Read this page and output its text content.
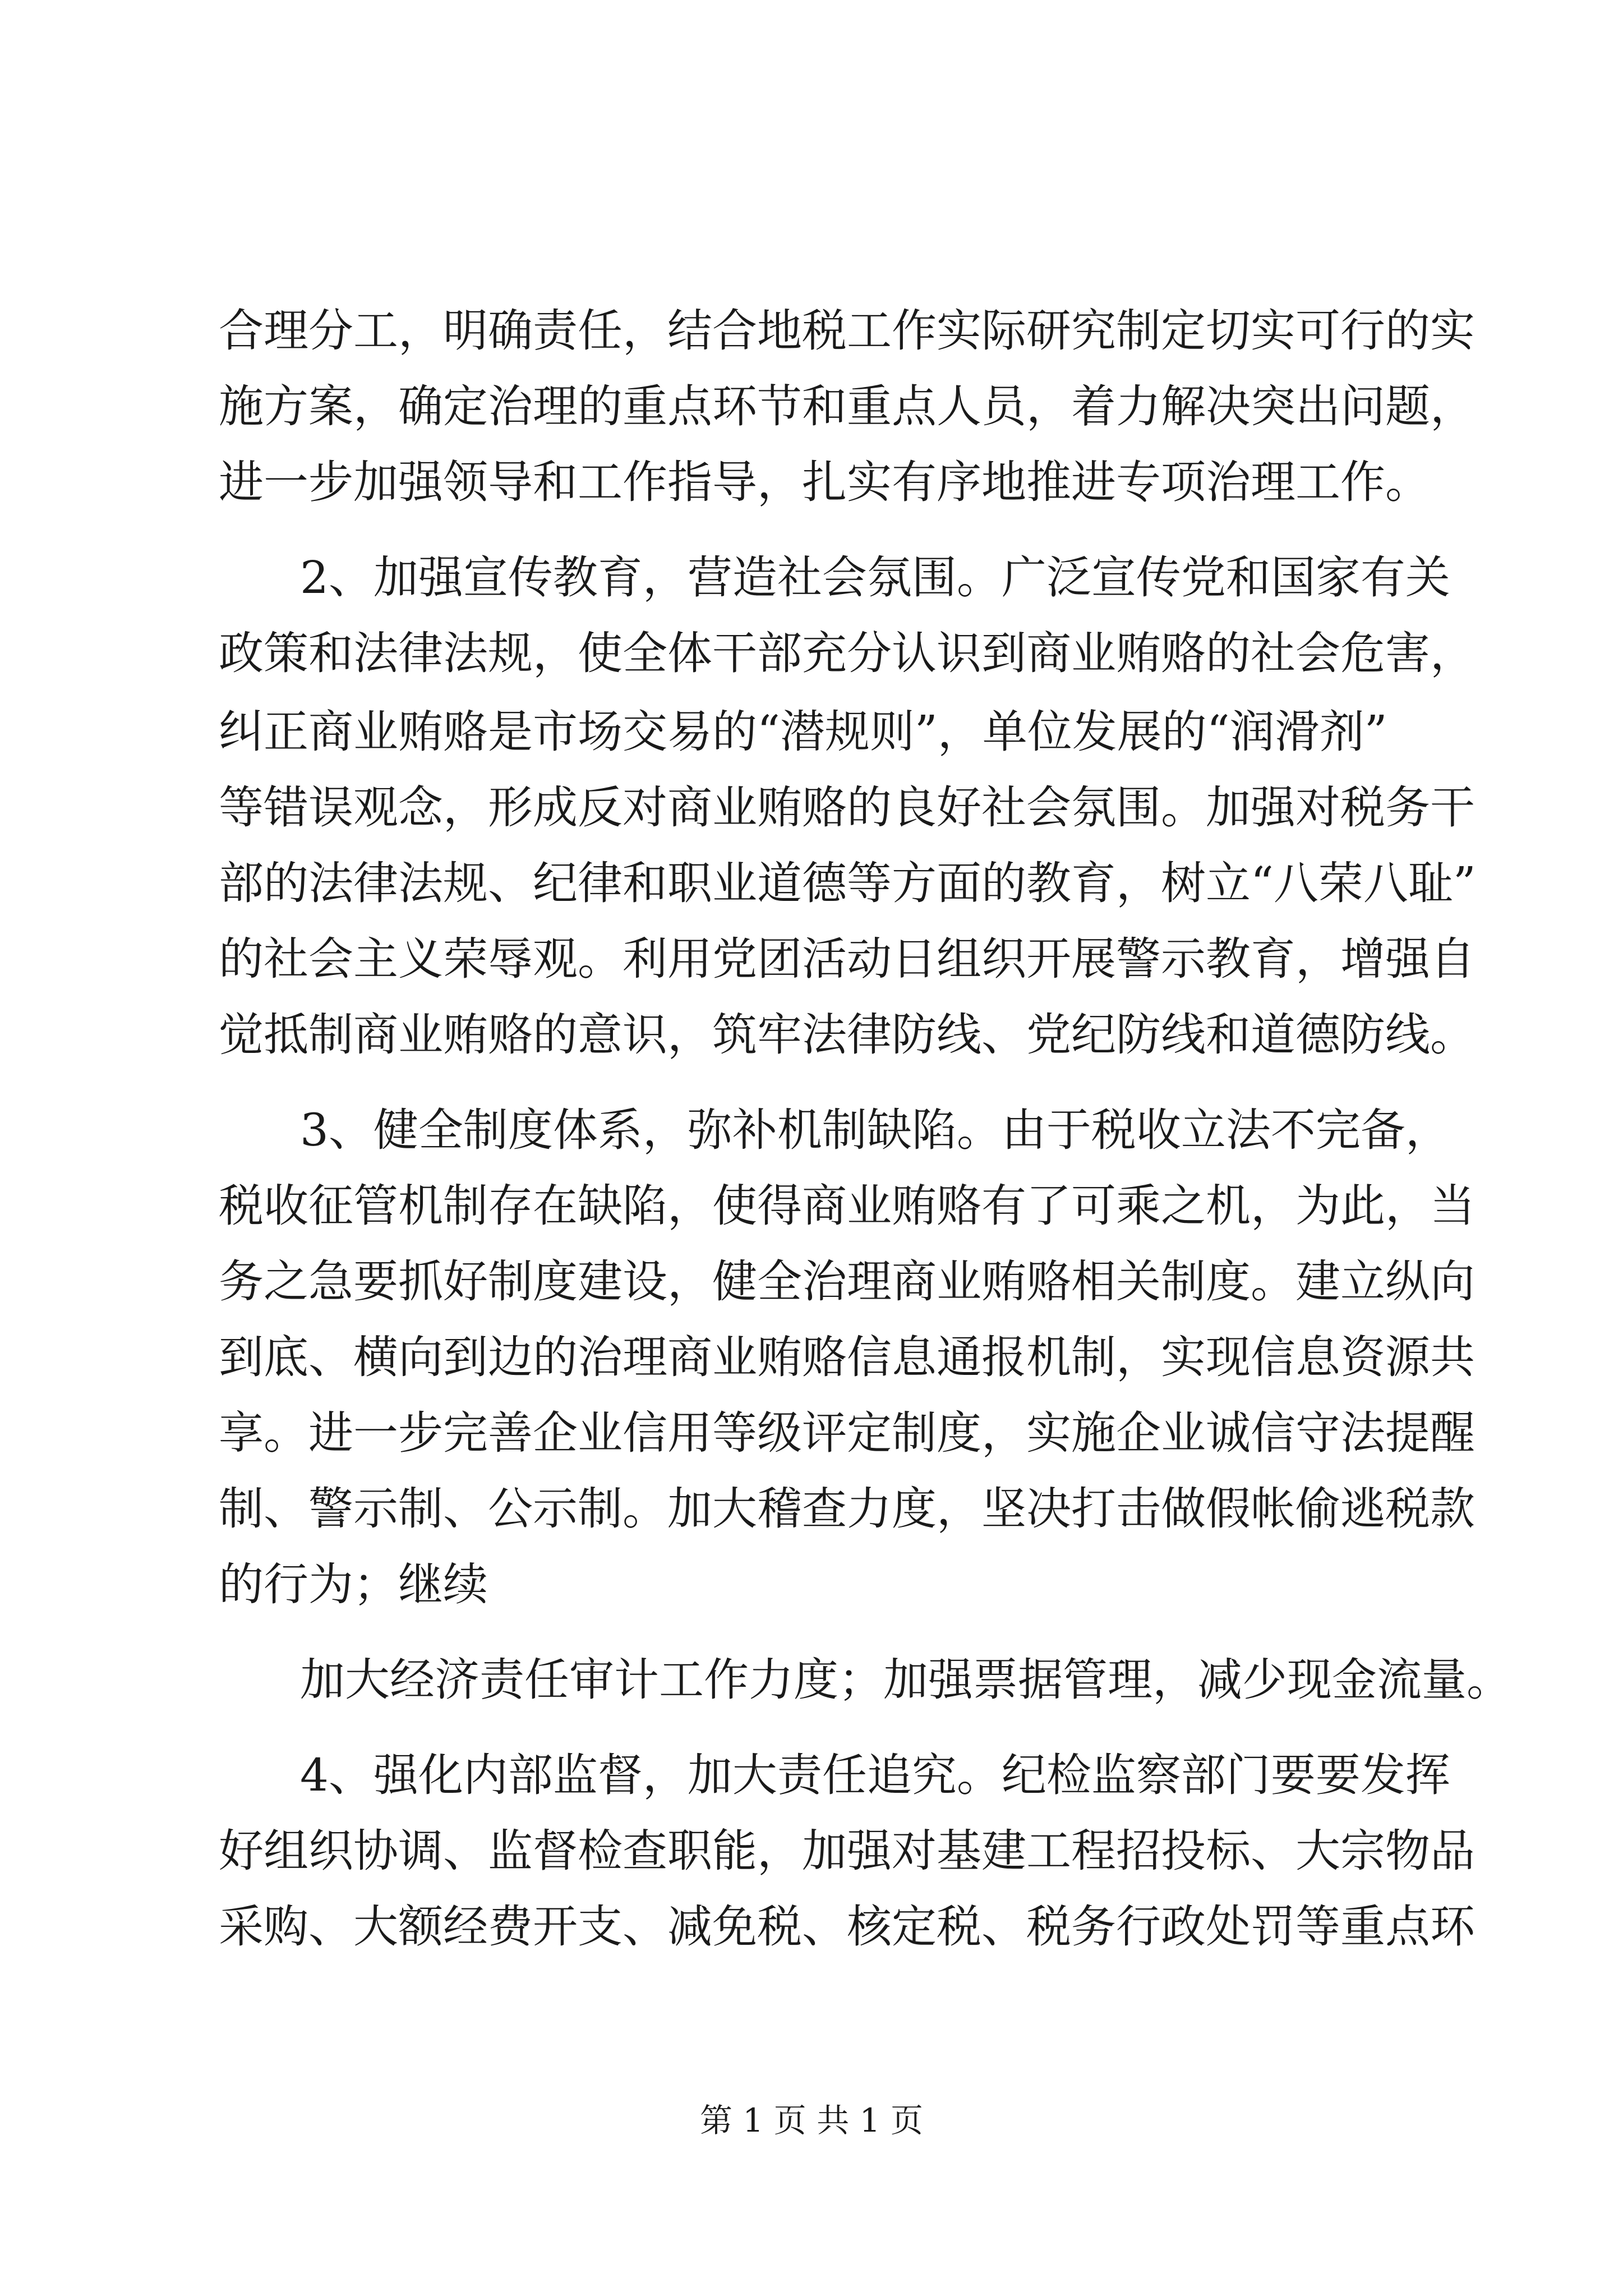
合理分工，明确责任，结合地税工作实际研究制定切实可行的实
施方案，确定治理的重点环节和重点人员，着力解决突出问题，
进一步加强领导和工作指导，扎实有序地推进专项治理工作。
2、加强宣传教育，营造社会氛围。广泛宣传党和国家有关
政策和法律法规，使全体干部充分认识到商业贿赂的社会危害，
纠正商业贿赂是市场交易的“潜规则”，单位发展的“润滑剂”
等错误观念，形成反对商业贿赂的良好社会氛围。加强对税务干
部的法律法规、纪律和职业道德等方面的教育，树立“八荣八耻”
的社会主义荣辱观。利用党团活动日组织开展警示教育，增强自
觉抵制商业贿赂的意识，筑牢法律防线、党纪防线和道德防线。
3、健全制度体系，弥补机制缺陷。由于税收立法不完备，
税收征管机制存在缺陷，使得商业贿赂有了可乘之机，为此，当
务之急要抓好制度建设，健全治理商业贿赂相关制度。建立纵向
到底、横向到边的治理商业贿赂信息通报机制，实现信息资源共
享。进一步完善企业信用等级评定制度，实施企业诚信守法提醒
制、警示制、公示制。加大稽查力度，坚决打击做假帐偷逃税款
的行为；继续
加大经济责任审计工作力度；加强票据管理，减少现金流量。
4、强化内部监督，加大责任追究。纪检监察部门要要发挥
好组织协调、监督检查职能，加强对基建工程招投标、大宗物品
采购、大额经费开支、减免税、核定税、税务行政处罚等重点环
第 1 页 共 1 页
